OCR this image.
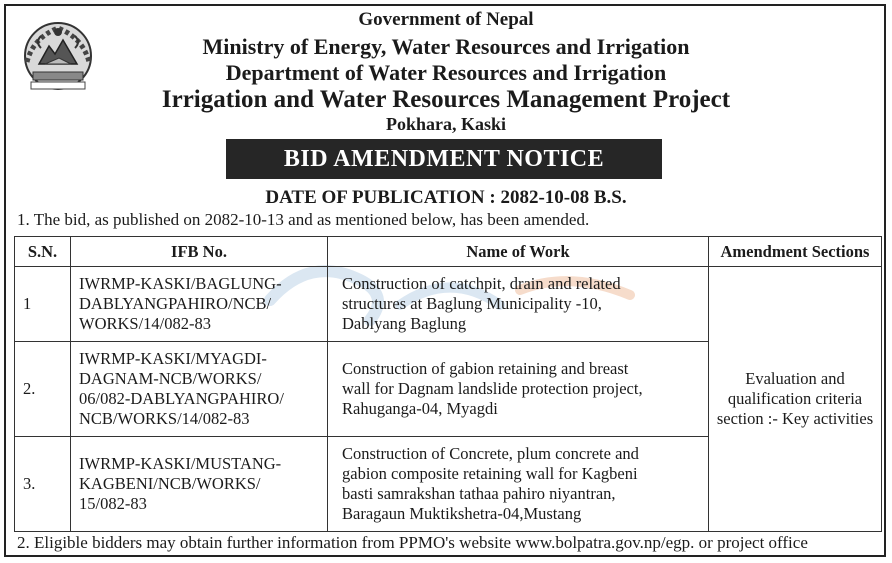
Government of Nepal
Ministry of Energy, Water Resources and Irrigation
Department of Water Resources and Irrigation
Irrigation and Water Resources Management Project
Pokhara, Kaski
BID AMENDMENT NOTICE
DATE OF PUBLICATION : 2082-10-08 B.S.
1. The bid, as published on 2082-10-13 and as mentioned below, has been amended.
S.N.	IFB No.	Name of Work	Amendment Sections
1	IWRMP-KASKI/BAGLUNG-
DABLYANGPAHIRO/NCB/
WORKS/14/082-83	Construction of catchpit, drain and related
structures at Baglung Municipality -10,
Dablyang Baglung	Evaluation and
qualification criteria
section :- Key activities

2.	IWRMP-KASKI/MYAGDI-
DAGNAM-NCB/WORKS/
06/082-DABLYANGPAHIRO/
NCB/WORKS/14/082-83	Construction of gabion retaining and breast
wall for Dagnam landslide protection project,
Rahuganga-04, Myagdi	

3.	IWRMP-KASKI/MUSTANG-
KAGBENI/NCB/WORKS/
15/082-83	Construction of Concrete, plum concrete and
gabion composite retaining wall for Kagbeni
basti samrakshan tathaa pahiro niyantran,
Baragaun Muktikshetra-04,Mustang	
2. Eligible bidders may obtain further information from PPMO's website www.bolpatra.gov.np/egp. or project office
